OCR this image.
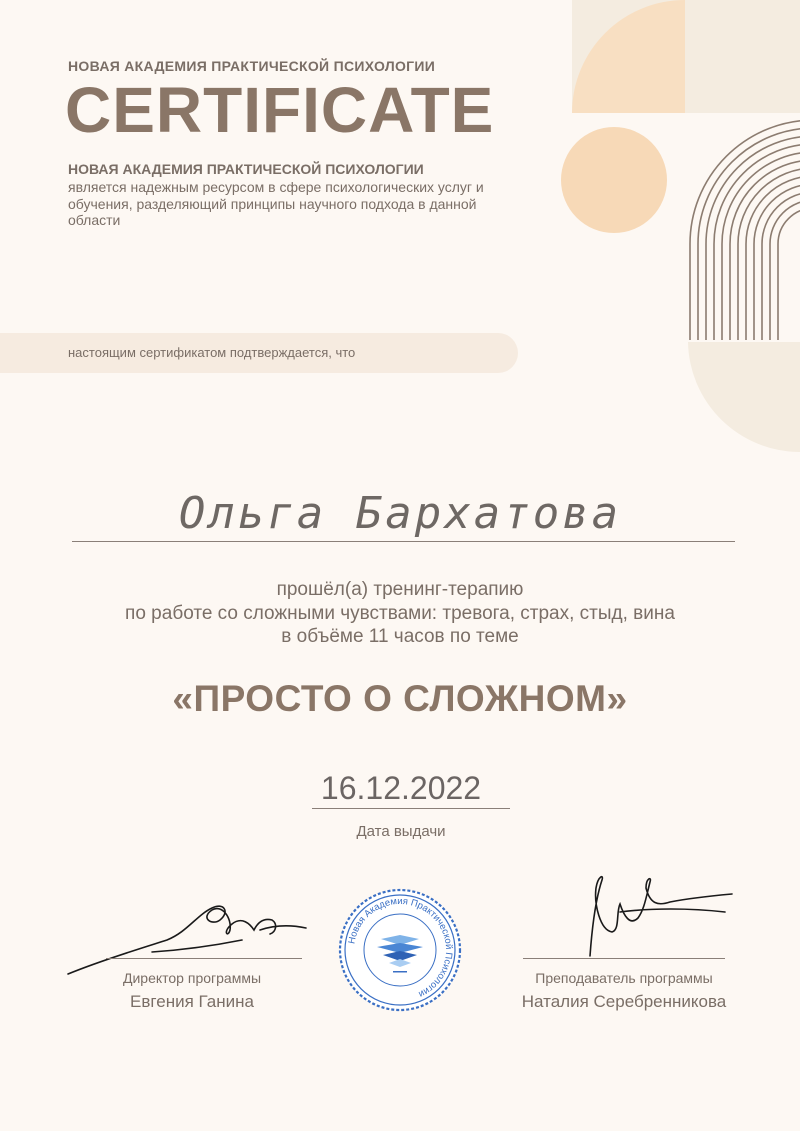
НОВАЯ АКАДЕМИЯ ПРАКТИЧЕСКОЙ ПСИХОЛОГИИ
CERTIFICATE
НОВАЯ АКАДЕМИЯ ПРАКТИЧЕСКОЙ ПСИХОЛОГИИ
является надежным ресурсом в сфере психологических услуг и обучения, разделяющий принципы научного подхода в данной области
настоящим сертификатом подтверждается, что
Ольга Бархатова
прошёл(а) тренинг-терапию
по работе со сложными чувствами: тревога, страх, стыд, вина
в объёме 11 часов по теме
«ПРОСТО О СЛОЖНОМ»
16.12.2022
Дата выдачи
Директор программы
Евгения Ганина
Новая Академия Практической Психологии
Преподаватель программы
Наталия Серебренникова
